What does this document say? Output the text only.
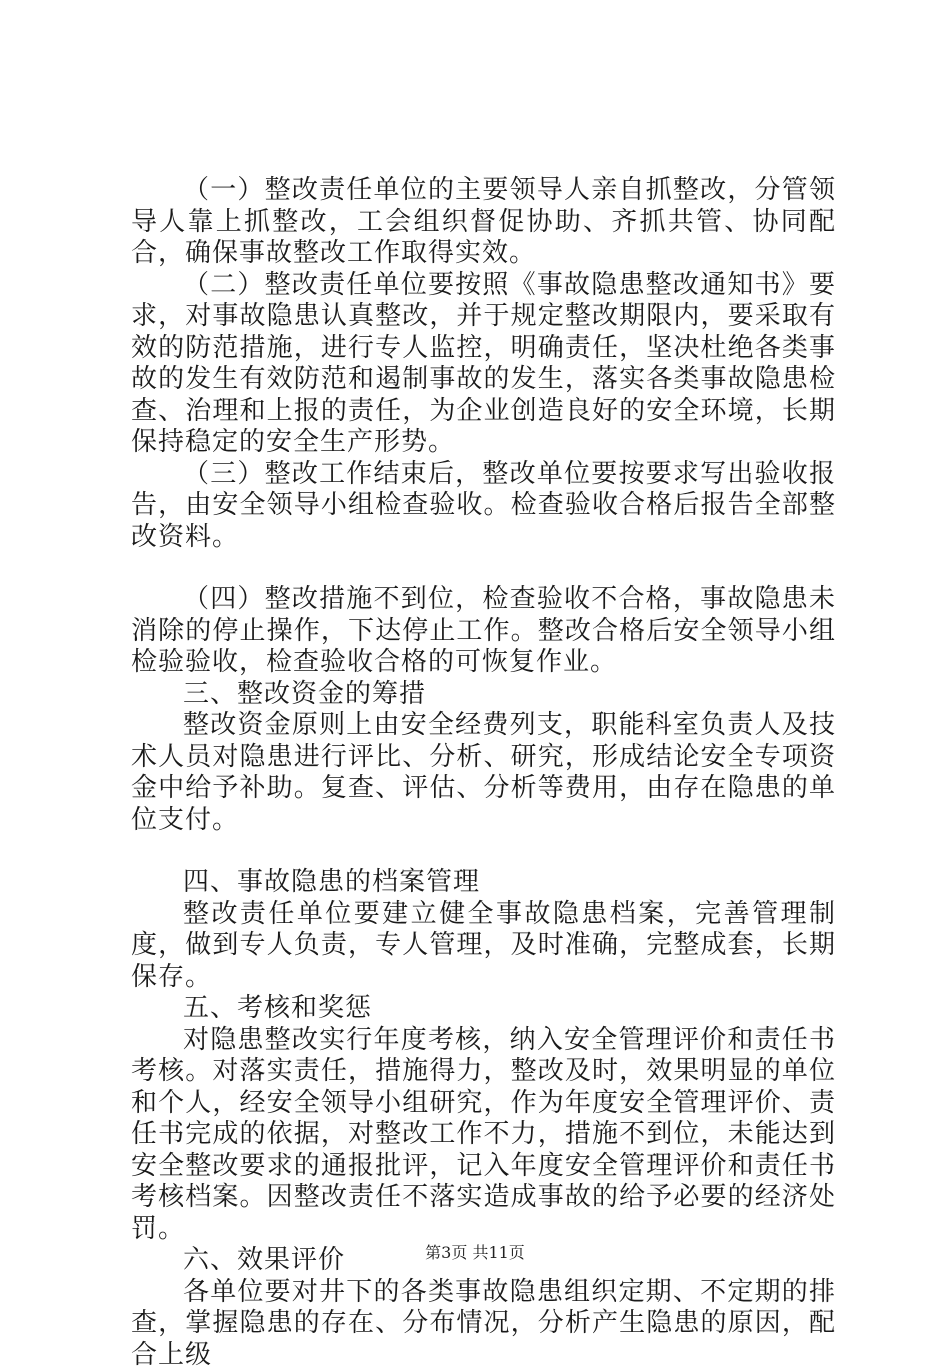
（一）整改责任单位的主要领导人亲自抓整改，分管领导人靠上抓整改，工会组织督促协助、齐抓共管、协同配合，确保事故整改工作取得实效。

（二）整改责任单位要按照《事故隐患整改通知书》要求，对事故隐患认真整改，并于规定整改期限内，要采取有效的防范措施，进行专人监控，明确责任，坚决杜绝各类事故的发生有效防范和遏制事故的发生，落实各类事故隐患检查、治理和上报的责任，为企业创造良好的安全环境，长期保持稳定的安全生产形势。

（三）整改工作结束后，整改单位要按要求写出验收报告，由安全领导小组检查验收。检查验收合格后报告全部整改资料。

（四）整改措施不到位，检查验收不合格，事故隐患未消除的停止操作，下达停止工作。整改合格后安全领导小组检验验收，检查验收合格的可恢复作业。

三、整改资金的筹措

整改资金原则上由安全经费列支，职能科室负责人及技术人员对隐患进行评比、分析、研究，形成结论安全专项资金中给予补助。复查、评估、分析等费用，由存在隐患的单位支付。

四、事故隐患的档案管理

整改责任单位要建立健全事故隐患档案，完善管理制度，做到专人负责，专人管理，及时准确，完整成套，长期保存。

五、考核和奖惩

对隐患整改实行年度考核，纳入安全管理评价和责任书考核。对落实责任，措施得力，整改及时，效果明显的单位和个人，经安全领导小组研究，作为年度安全管理评价、责任书完成的依据，对整改工作不力，措施不到位，未能达到安全整改要求的通报批评，记入年度安全管理评价和责任书考核档案。因整改责任不落实造成事故的给予必要的经济处罚。

六、效果评价

各单位要对井下的各类事故隐患组织定期、不定期的排查，掌握隐患的存在、分布情况，分析产生隐患的原因，配合上级

第3页 共11页
